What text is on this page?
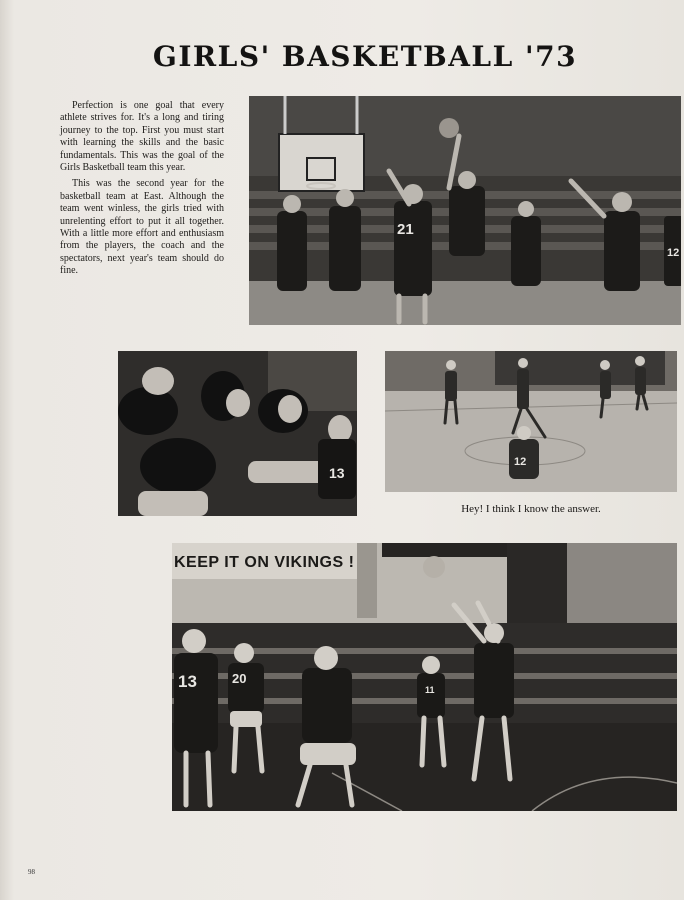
GIRLS' BASKETBALL '73

Perfection is one goal that every athlete strives for. It's a long and tiring journey to the top. First you must start with learning the skills and the basic fundamentals. This was the goal of the Girls Basketball team this year.

This was the second year for the basketball team at East. Although the team went winless, the girls tried with unrelenting effort to put it all together. With a little more effort and enthusiasm from the players, the coach and the spectators, next year's team should do fine.

21
12
13
12
Hey! I think I know the answer.
KEEP IT ON VIKINGS !
13	20
11
98
